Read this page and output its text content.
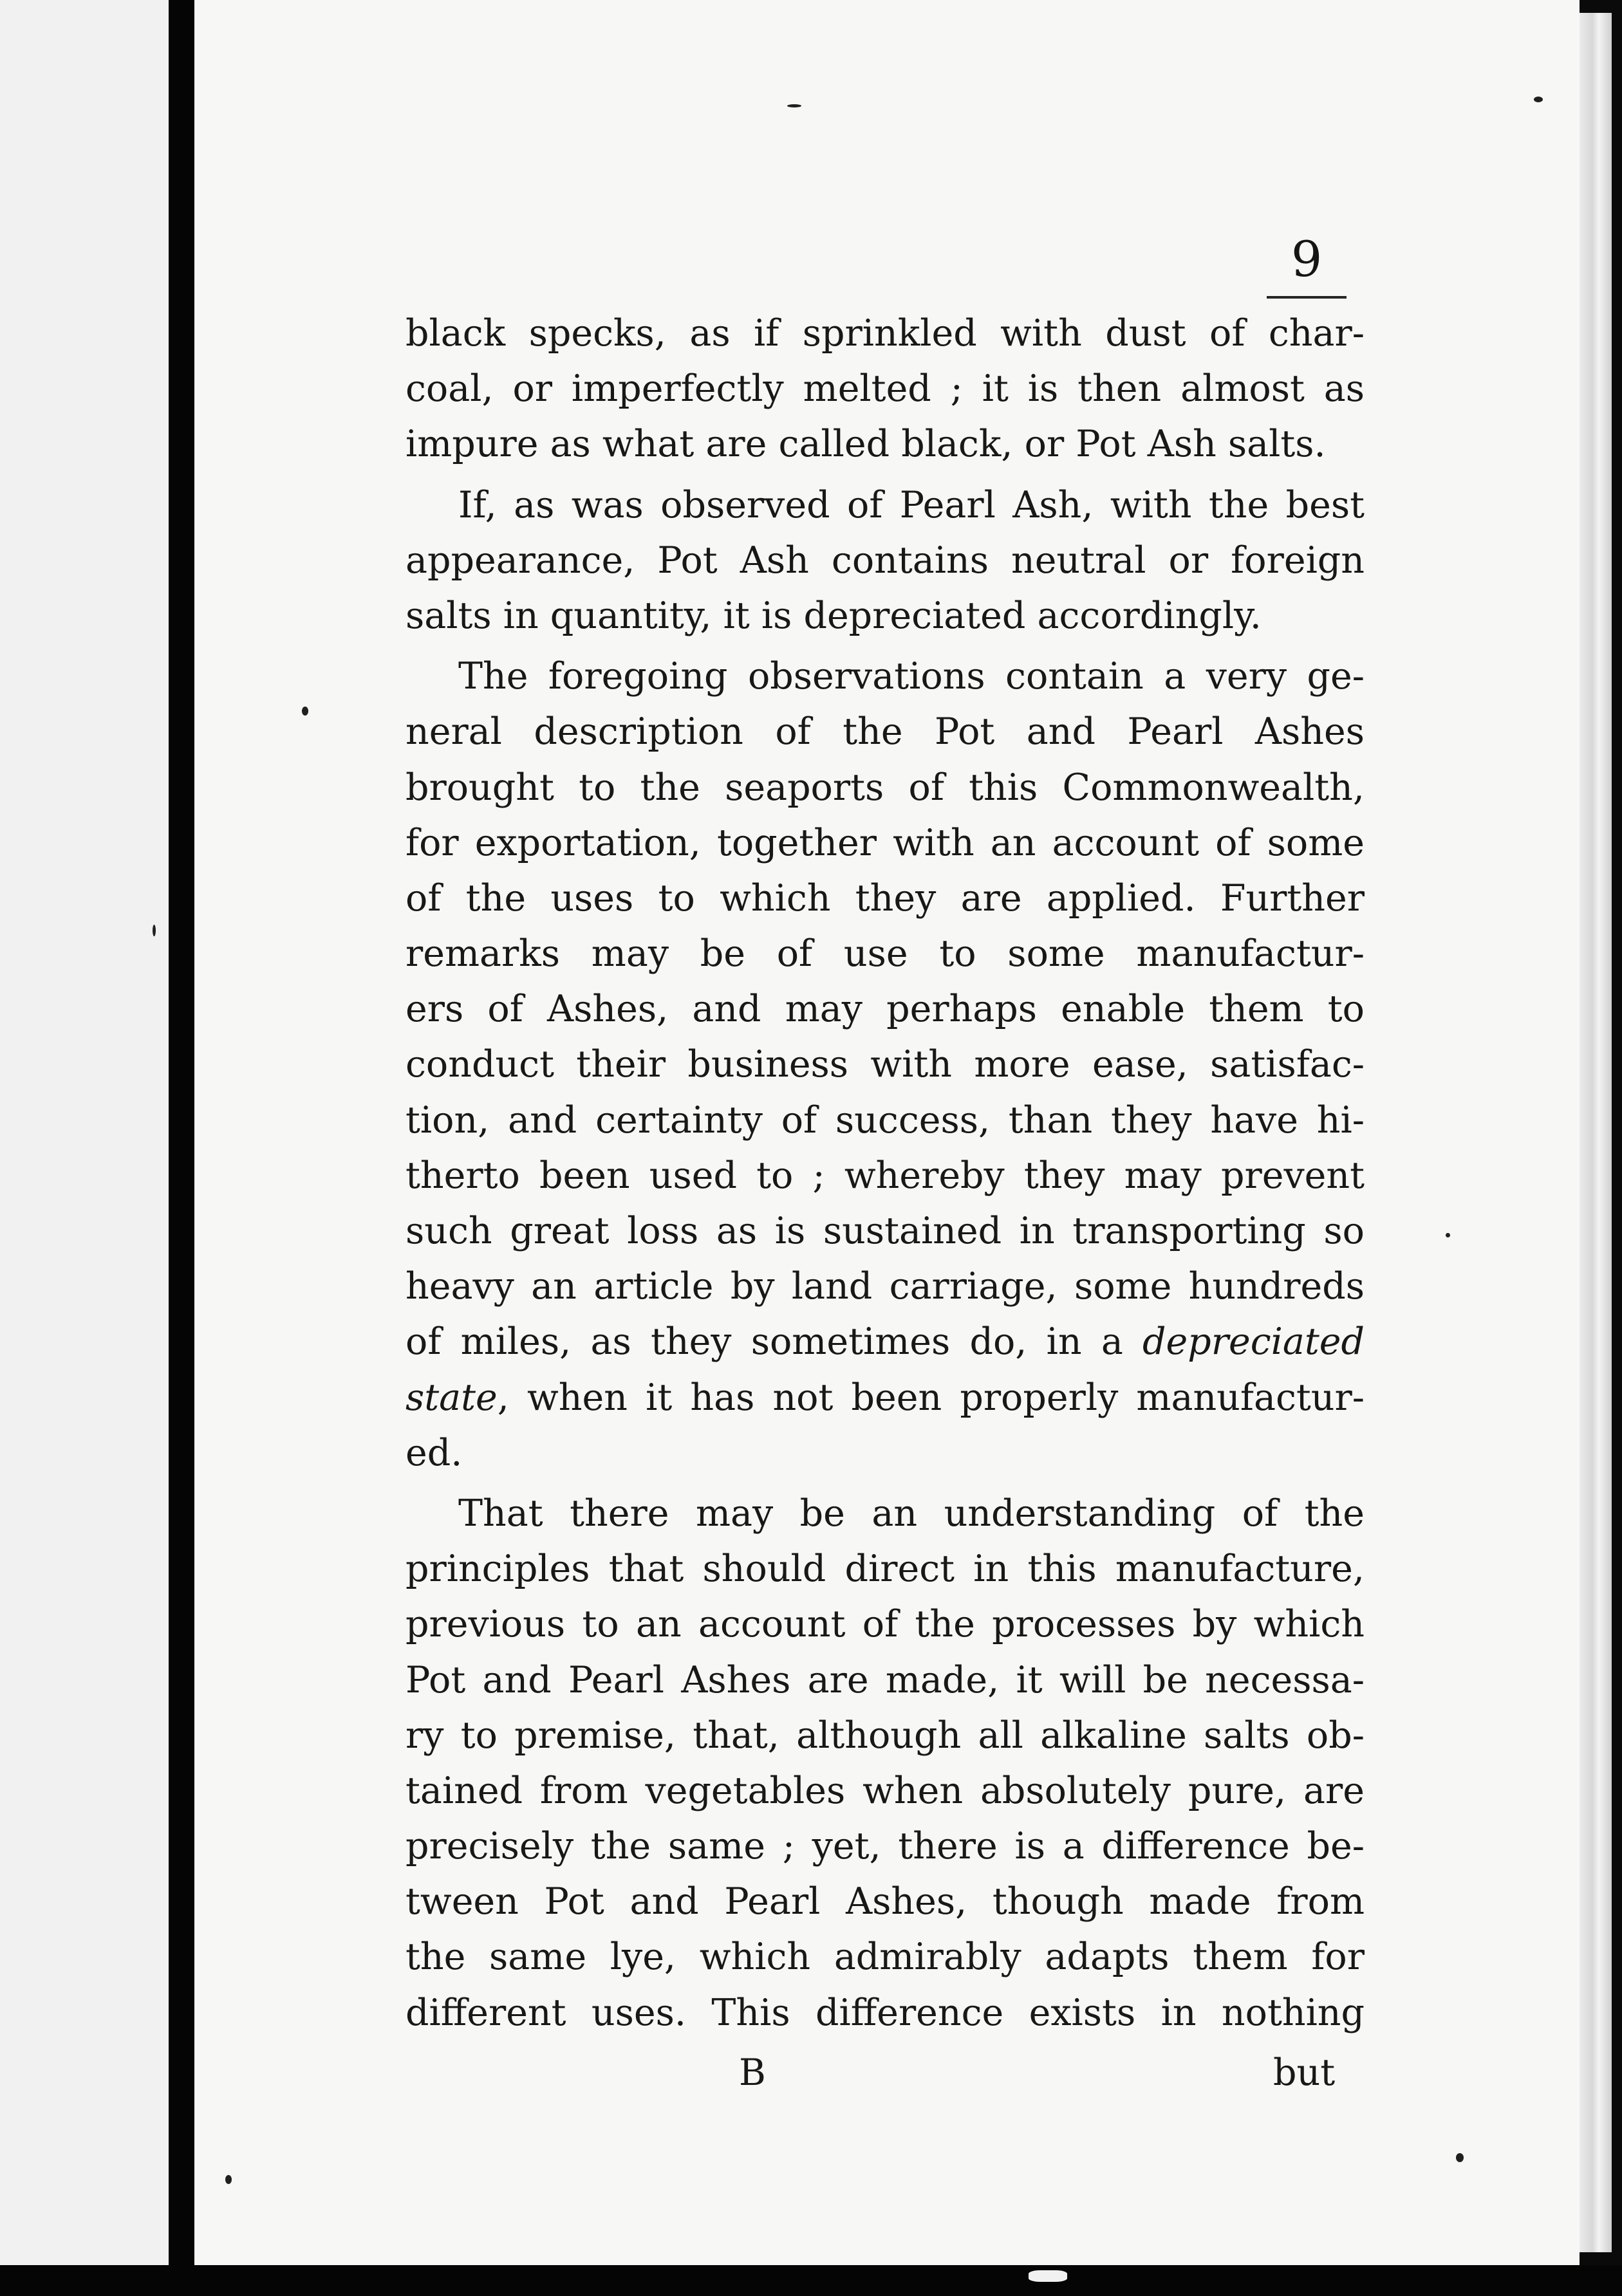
9
black specks, as if sprinkled with dust of char-
coal, or imperfectly melted ; it is then almost as
impure as what are called black, or Pot Ash salts.
If, as was observed of Pearl Ash, with the best
appearance, Pot Ash contains neutral or foreign
salts in quantity, it is depreciated accordingly.
The foregoing observations contain a very ge-
neral description of the Pot and Pearl Ashes
brought to the seaports of this Commonwealth,
for exportation, together with an account of some
of the uses to which they are applied. Further
remarks may be of use to some manufactur-
ers of Ashes, and may perhaps enable them to
conduct their business with more ease, satisfac-
tion, and certainty of success, than they have hi-
therto been used to ; whereby they may prevent
such great loss as is sustained in transporting so
heavy an article by land carriage, some hundreds
of miles, as they sometimes do, in a depreciated
state, when it has not been properly manufactur-
ed.
That there may be an understanding of the
principles that should direct in this manufacture,
previous to an account of the processes by which
Pot and Pearl Ashes are made, it will be necessa-
ry to premise, that, although all alkaline salts ob-
tained from vegetables when absolutely pure, are
precisely the same ; yet, there is a difference be-
tween Pot and Pearl Ashes, though made from
the same lye, which admirably adapts them for
different uses. This difference exists in nothing
B	but
